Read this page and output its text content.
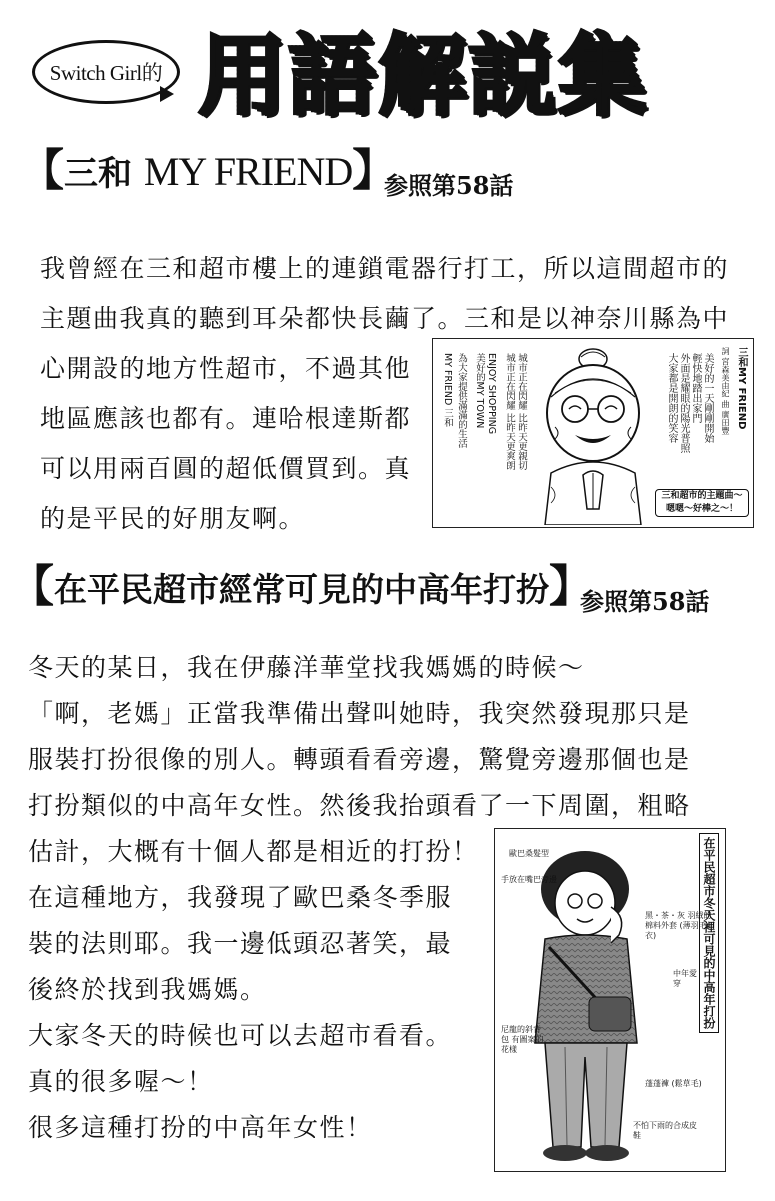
Switch Girl的 用語解説集
【三和 MY FRIEND】
参照第58話
我曾經在三和超市樓上的連鎖電器行打工，所以這間超市的
主題曲我真的聽到耳朵都快長繭了。三和是以神奈川縣為中
心開設的地方性超市，不過其他
地區應該也都有。連哈根達斯都
可以用兩百圓的超低價買到。真
的是平民的好朋友啊。
三和MY FRIEND
詞 宮森美由紀 曲 廣田豐
美好的一天剛剛開始
輕快地踏出家門
外面是耀眼的陽光普照
大家都是開朗的笑容
城市正在閃耀 比昨天更親切
城市正在閃耀 比昨天更爽朗
ENJOY SHOPPING
美好的MY TOWN
為大家提供滿滿的生活
MY FRIEND 三和
三和超市的主題曲～
嗯嗯～好棒之～！
【在平民超市經常可見的中高年打扮】
参照第58話
冬天的某日，我在伊藤洋華堂找我媽媽的時候～
「啊，老媽」正當我準備出聲叫她時，我突然發現那只是
服裝打扮很像的別人。轉頭看看旁邊，驚覺旁邊那個也是
打扮類似的中高年女性。然後我抬頭看了一下周圍，粗略
估計，大概有十個人都是相近的打扮！
在這種地方，我發現了歐巴桑冬季服
裝的法則耶。我一邊低頭忍著笑，最
後終於找到我媽媽。
大家冬天的時候也可以去超市看看。
真的很多喔～！
很多這種打扮的中高年女性！
在平民超市冬天裡可見的中高年打扮
歐巴桑髮型
手放在嘴巴旁邊
黑・茶・灰 羽絨的棉料外套 (薄羽毛衣)
中年愛穿
尼龍的斜背包 有圖案的花樣
蓬蓬褲 (鬆草毛)
不怕下雨的合成皮鞋
